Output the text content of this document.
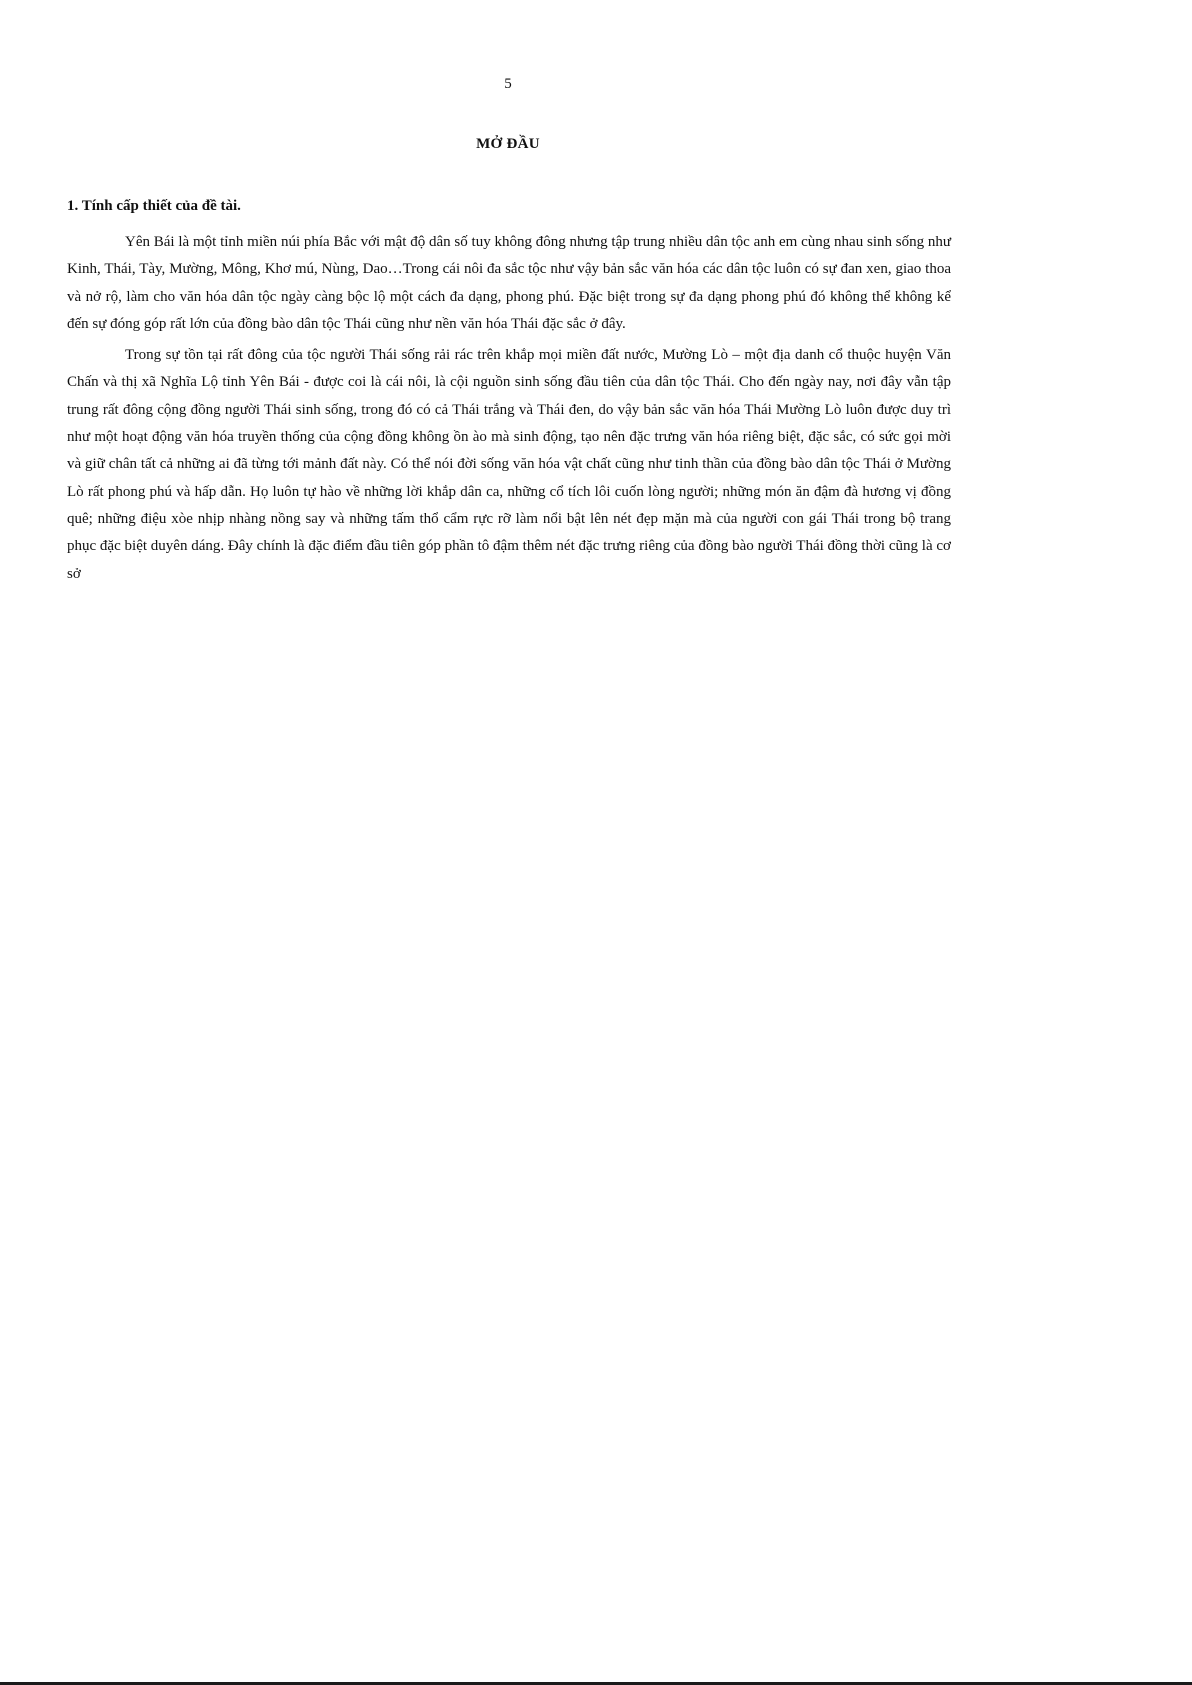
5
MỞ ĐẦU
1. Tính cấp thiết của đề tài.

Yên Bái là một tỉnh miền núi phía Bắc với mật độ dân số tuy không đông nhưng tập trung nhiều dân tộc anh em cùng nhau sinh sống như Kinh, Thái, Tày, Mường, Mông, Khơ mú, Nùng, Dao…Trong cái nôi đa sắc tộc như vậy bản sắc văn hóa các dân tộc luôn có sự đan xen, giao thoa và nở rộ, làm cho văn hóa dân tộc ngày càng bộc lộ một cách đa dạng, phong phú. Đặc biệt trong sự đa dạng phong phú đó không thể không kể đến sự đóng góp rất lớn của đồng bào dân tộc Thái cũng như nền văn hóa Thái đặc sắc ở đây.

Trong sự tồn tại rất đông của tộc người Thái sống rải rác trên khắp mọi miền đất nước, Mường Lò – một địa danh cổ thuộc huyện Văn Chấn và thị xã Nghĩa Lộ tỉnh Yên Bái - được coi là cái nôi, là cội nguồn sinh sống đầu tiên của dân tộc Thái. Cho đến ngày nay, nơi đây vẫn tập trung rất đông cộng đồng người Thái sinh sống, trong đó có cả Thái trắng và Thái đen, do vậy bản sắc văn hóa Thái Mường Lò luôn được duy trì như một hoạt động văn hóa truyền thống của cộng đồng không ồn ào mà sinh động, tạo nên đặc trưng văn hóa riêng biệt, đặc sắc, có sức gọi mời và giữ chân tất cả những ai đã từng tới mảnh đất này. Có thể nói đời sống văn hóa vật chất cũng như tinh thần của đồng bào dân tộc Thái ở Mường Lò rất phong phú và hấp dẫn. Họ luôn tự hào về những lời khắp dân ca, những cổ tích lôi cuốn lòng người; những món ăn đậm đà hương vị đồng quê; những điệu xòe nhịp nhàng nồng say và những tấm thổ cẩm rực rỡ làm nổi bật lên nét đẹp mặn mà của người con gái Thái trong bộ trang phục đặc biệt duyên dáng. Đây chính là đặc điểm đầu tiên góp phần tô đậm thêm nét đặc trưng riêng của đồng bào người Thái đồng thời cũng là cơ sở
